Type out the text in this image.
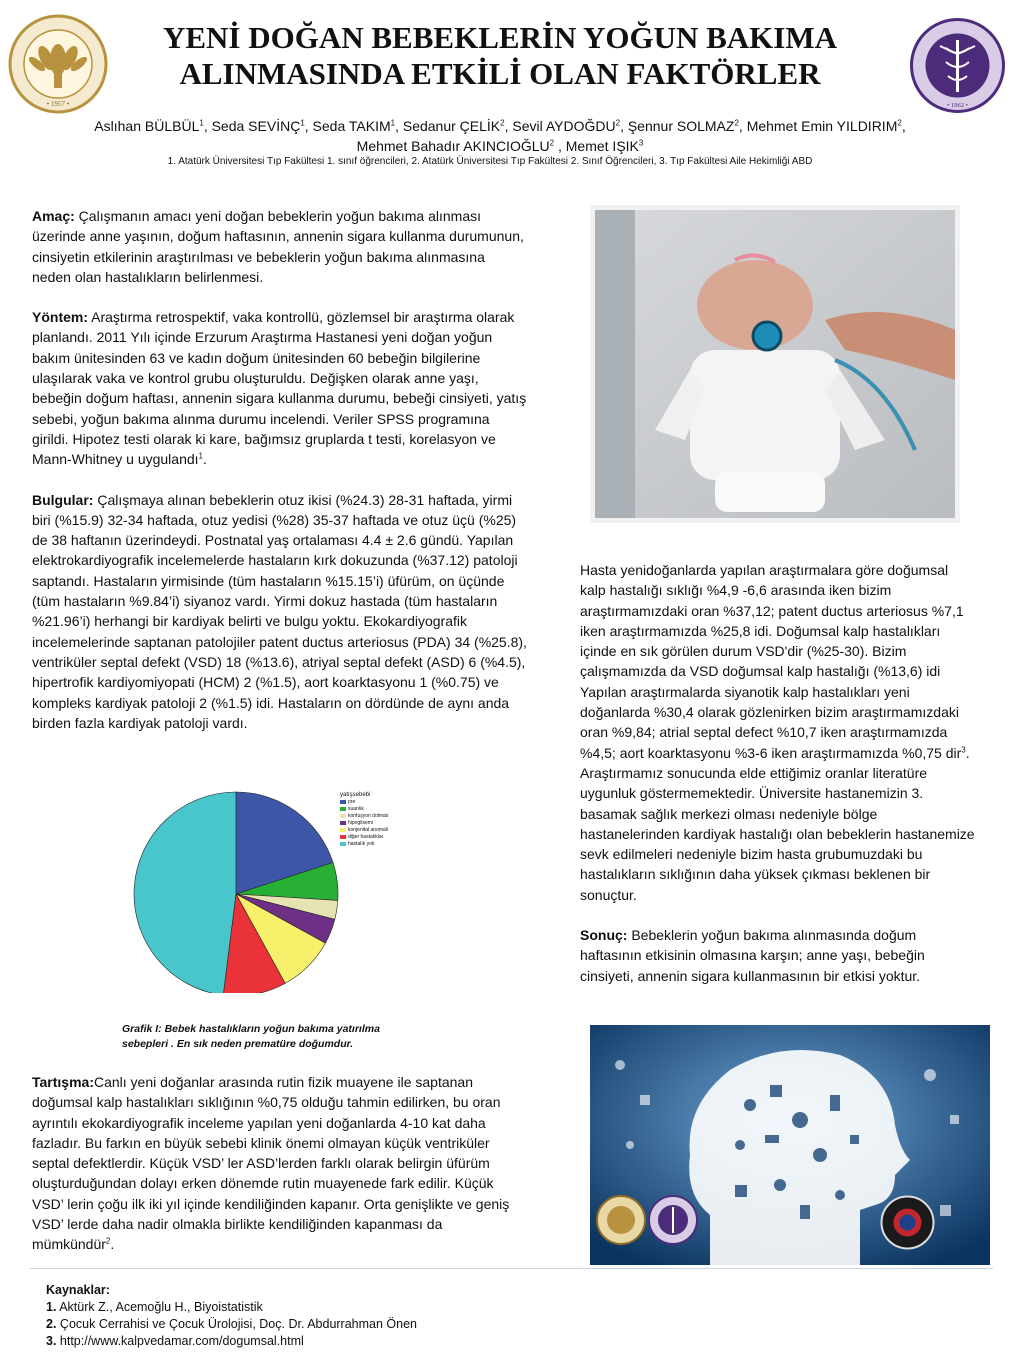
• 1957 •	• 1962 •
YENİ DOĞAN BEBEKLERİN YOĞUN BAKIMA
ALINMASINDA ETKİLİ OLAN FAKTÖRLER
Aslıhan BÜLBÜL$^1$, Seda SEVİNÇ$^1$, Seda TAKIM$^1$, Sedanur ÇELİK$^2$, Sevil AYDOĞDU$^2$, Şennur SOLMAZ$^2$, Mehmet Emin YILDIRIM$^2$, Mehmet Bahadır AKINCIOĞLU$^2$ , Memet IŞIK$^3$
1. Atatürk Üniversitesi Tıp Fakültesi 1. sınıf öğrencileri, 2. Atatürk Üniversitesi Tıp Fakültesi 2. Sınıf Öğrencileri, 3. Tıp Fakültesi Aile Hekimliği ABD

Amaç: Çalışmanın amacı yeni doğan bebeklerin yoğun bakıma alınması üzerinde anne yaşının, doğum haftasının, annenin sigara kullanma durumunun, cinsiyetin etkilerinin araştırılması ve bebeklerin yoğun bakıma alınmasına neden olan hastalıkların belirlenmesi.

Yöntem: Araştırma retrospektif, vaka kontrollü, gözlemsel bir araştırma olarak planlandı. 2011 Yılı içinde Erzurum Araştırma Hastanesi yeni doğan yoğun bakım ünitesinden 63 ve kadın doğum ünitesinden 60 bebeğin bilgilerine ulaşılarak vaka ve kontrol grubu oluşturuldu. Değişken olarak anne yaşı, bebeğin doğum haftası, annenin sigara kullanma durumu, bebeği cinsiyeti, yatış sebebi, yoğun bakıma alınma durumu incelendi. Veriler SPSS programına girildi. Hipotez testi olarak ki kare, bağımsız gruplarda t testi, korelasyon ve Mann-Whitney u uygulandı$^1$.

Bulgular: Çalışmaya alınan bebeklerin otuz ikisi (%24.3) 28-31 haftada, yirmi biri (%15.9) 32-34 haftada, otuz yedisi (%28) 35-37 haftada ve otuz üçü (%25) de 38 haftanın üzerindeydi. Postnatal yaş ortalaması 4.4 ± 2.6 gündü. Yapılan elektrokardiyografik incelemelerde hastaların kırk dokuzunda (%37.12) patoloji saptandı. Hastaların yirmisinde (tüm hastaların %15.15’i) üfürüm, on üçünde (tüm hastaların %9.84’i) siyanoz vardı. Yirmi dokuz hastada (tüm hastaların %21.96’i) herhangi bir kardiyak belirti ve bulgu yoktu. Ekokardiyografik incelemelerinde saptanan patolojiler patent ductus arteriosus (PDA) 34 (%25.8), ventriküler septal defekt (VSD) 18 (%13.6), atriyal septal defekt (ASD) 6 (%4.5), hipertrofik kardiyomiyopati (HCM) 2 (%1.5), aort koarktasyonu 1 (%0.75) ve kompleks kardiyak patoloji 2 (%1.5) idi. Hastaların on dördünde de aynı anda birden fazla kardiyak patoloji vardı.

yatışsebebi
pre
suanlık
konfuşyon dolmatı
hipoglisemi
konjenital anomali
diğer hastalıklar
hastalık yok
Grafik I: Bebek hastalıkların yoğun bakıma yatırılma
sebepleri . En sık neden prematüre doğumdur.

Tartışma:Canlı yeni doğanlar arasında rutin fizik muayene ile saptanan doğumsal kalp hastalıkları sıklığının %0,75 olduğu tahmin edilirken, bu oran ayrıntılı ekokardiyografik inceleme yapılan yeni doğanlarda 4-10 kat daha fazladır. Bu farkın en büyük sebebi klinik önemi olmayan küçük ventriküler septal defektlerdir. Küçük VSD’ ler ASD’lerden farklı olarak belirgin üfürüm oluşturduğundan dolayı erken dönemde rutin muayenede fark edilir. Küçük VSD’ lerin çoğu ilk iki yıl içinde kendiliğinden kapanır. Orta genişlikte ve geniş VSD’ lerde daha nadir olmakla birlikte kendiliğinden kapanması da mümkündür$^2$.

Hasta yenidoğanlarda yapılan araştırmalara göre doğumsal kalp hastalığı sıklığı %4,9 -6,6 arasında iken bizim araştırmamızdaki oran %37,12; patent ductus arteriosus %7,1 iken araştırmamızda %25,8 idi. Doğumsal kalp hastalıkları içinde en sık görülen durum VSD'dir (%25-30). Bizim çalışmamızda da VSD doğumsal kalp hastalığı (%13,6) idi Yapılan araştırmalarda siyanotik kalp hastalıkları yeni doğanlarda %30,4 olarak gözlenirken bizim araştırmamızdaki oran %9,84; atrial septal defect %10,7 iken araştırmamızda %4,5; aort koarktasyonu %3-6 iken araştırmamızda %0,75 dir$^3$. Araştırmamız sonucunda elde ettiğimiz oranlar literatüre uygunluk göstermemektedir. Üniversite hastanemizin 3. basamak sağlık merkezi olması nedeniyle bölge hastanelerinden kardiyak hastalığı olan bebeklerin hastanemize sevk edilmeleri nedeniyle bizim hasta grubumuzdaki bu hastalıkların sıklığının daha yüksek çıkması beklenen bir sonuçtur.

Sonuç: Bebeklerin yoğun bakıma alınmasında doğum haftasının etkisinin olmasına karşın; anne yaşı, bebeğin cinsiyeti, annenin sigara kullanmasının bir etkisi yoktur.

Kaynaklar:
1. Aktürk Z., Acemoğlu H., Biyoistatistik
2. Çocuk Cerrahisi ve Çocuk Ürolojisi, Doç. Dr. Abdurrahman Önen
3. http://www.kalpvedamar.com/dogumsal.html
